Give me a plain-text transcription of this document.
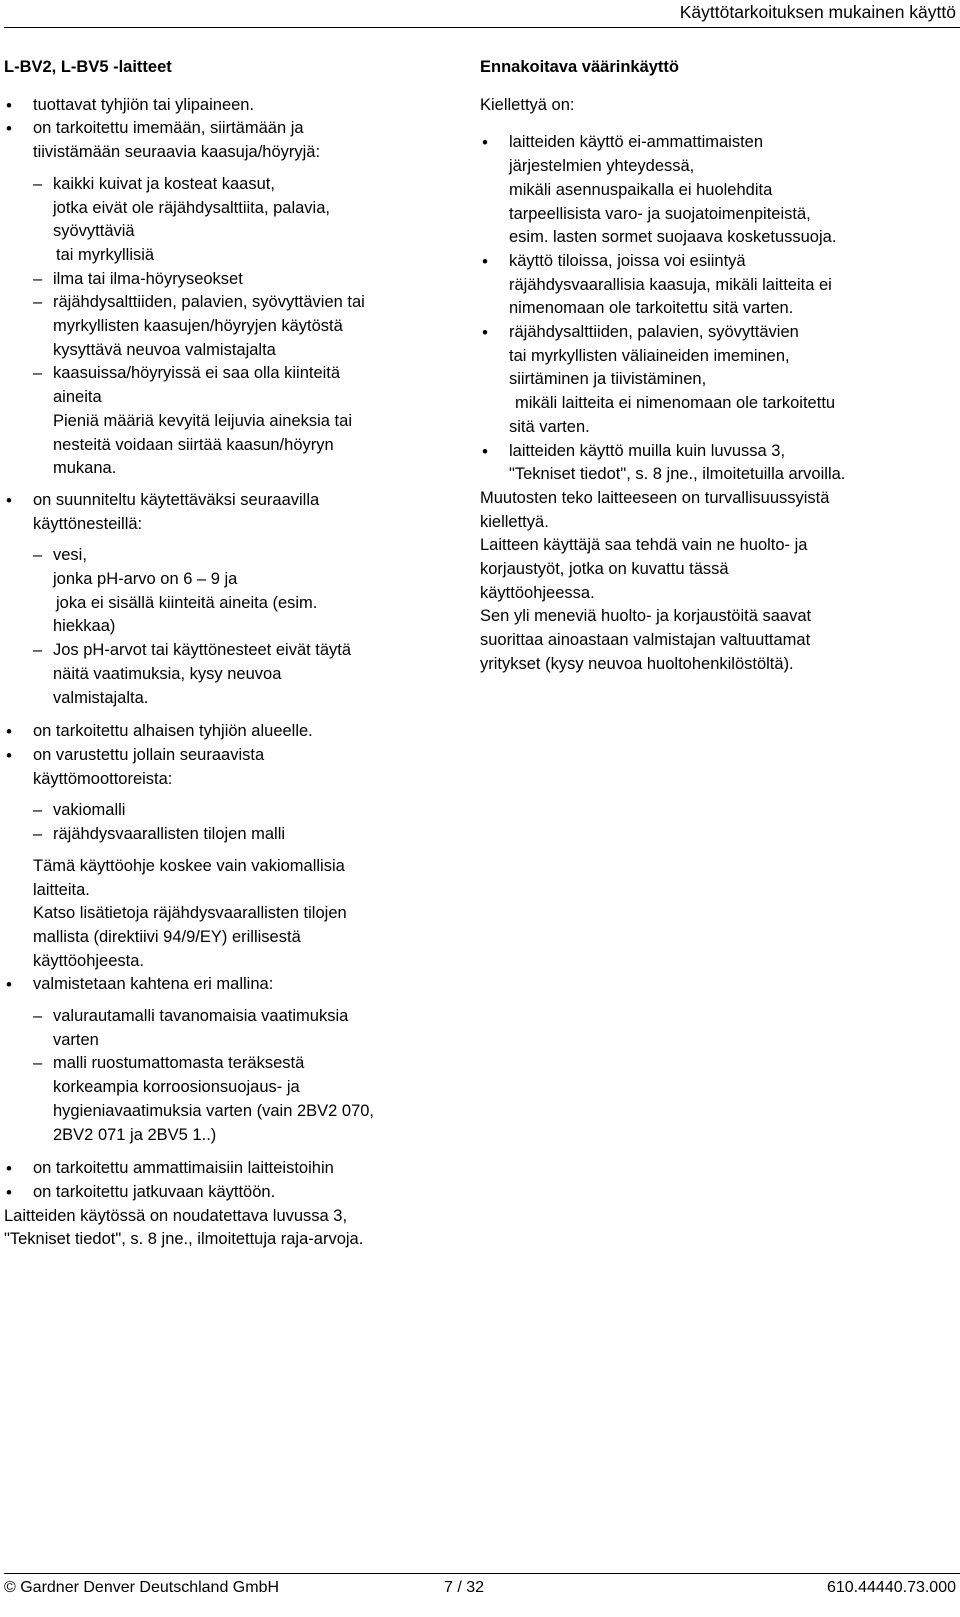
Käyttötarkoituksen mukainen käyttö
L-BV2, L-BV5 -laitteet
• tuottavat tyhjiön tai ylipaineen.
• on tarkoitettu imemään, siirtämään ja
tiivistämään seuraavia kaasuja/höyryjä:
– kaikki kuivat ja kosteat kaasut,
jotka eivät ole räjähdysalttiita, palavia,
syövyttäviä
tai myrkyllisiä
– ilma tai ilma-höyryseokset
– räjähdysalttiiden, palavien, syövyttävien tai
myrkyllisten kaasujen/höyryjen käytöstä
kysyttävä neuvoa valmistajalta
– kaasuissa/höyryissä ei saa olla kiinteitä
aineita
Pieniä määriä kevyitä leijuvia aineksia tai
nesteitä voidaan siirtää kaasun/höyryn
mukana.
• on suunniteltu käytettäväksi seuraavilla
käyttönesteillä:
– vesi,
jonka pH-arvo on 6 – 9 ja
joka ei sisällä kiinteitä aineita (esim.
hiekkaa)
– Jos pH-arvot tai käyttönesteet eivät täytä
näitä vaatimuksia, kysy neuvoa
valmistajalta.
• on tarkoitettu alhaisen tyhjiön alueelle.
• on varustettu jollain seuraavista
käyttömoottoreista:
– vakiomalli
– räjähdysvaarallisten tilojen malli
Tämä käyttöohje koskee vain vakiomallisia
laitteita.
Katso lisätietoja räjähdysvaarallisten tilojen
mallista (direktiivi 94/9/EY) erillisestä
käyttöohjeesta.
• valmistetaan kahtena eri mallina:
– valurautamalli tavanomaisia vaatimuksia
varten
– malli ruostumattomasta teräksestä
korkeampia korroosionsuojaus- ja
hygieniavaatimuksia varten (vain 2BV2 070,
2BV2 071 ja 2BV5 1..)
• on tarkoitettu ammattimaisiin laitteistoihin
• on tarkoitettu jatkuvaan käyttöön.
Laitteiden käytössä on noudatettava luvussa 3,
"Tekniset tiedot", s. 8 jne., ilmoitettuja raja-arvoja.
Ennakoitava väärinkäyttö
Kiellettyä on:
• laitteiden käyttö ei-ammattimaisten
järjestelmien yhteydessä,
mikäli asennuspaikalla ei huolehdita
tarpeellisista varo- ja suojatoimenpiteistä,
esim. lasten sormet suojaava kosketussuoja.
• käyttö tiloissa, joissa voi esiintyä
räjähdysvaarallisia kaasuja, mikäli laitteita ei
nimenomaan ole tarkoitettu sitä varten.
• räjähdysalttiiden, palavien, syövyttävien
tai myrkyllisten väliaineiden imeminen,
siirtäminen ja tiivistäminen,
mikäli laitteita ei nimenomaan ole tarkoitettu
sitä varten.
• laitteiden käyttö muilla kuin luvussa 3,
"Tekniset tiedot", s. 8 jne., ilmoitetuilla arvoilla.
Muutosten teko laitteeseen on turvallisuussyistä
kiellettyä.
Laitteen käyttäjä saa tehdä vain ne huolto- ja
korjaustyöt, jotka on kuvattu tässä
käyttöohjeessa.
Sen yli meneviä huolto- ja korjaustöitä saavat
suorittaa ainoastaan valmistajan valtuuttamat
yritykset (kysy neuvoa huoltohenkilöstöltä).
© Gardner Denver Deutschland GmbH	7 / 32	610.44440.73.000
